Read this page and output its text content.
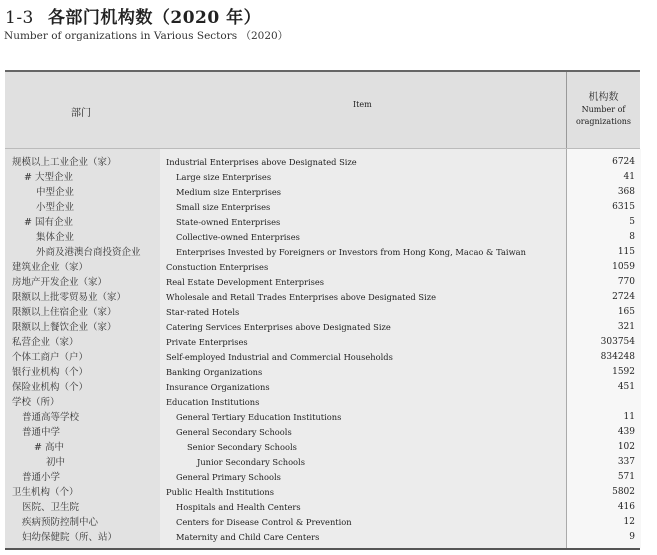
1-3 各部门机构数（2020 年）
Number of organizations in Various Sectors （2020）
部门
Item
机构数
Number of
oragnizations
规模以上工业企业（家）	Industrial Enterprises above Designated Size	6724
# 大型企业	Large size Enterprises	41
中型企业	Medium size Enterprises	368
小型企业	Small size Enterprises	6315
# 国有企业	State-owned Enterprises	5
集体企业	Collective-owned Enterprises	8
外商及港澳台商投资企业	Enterprises Invested by Foreigners or Investors from Hong Kong, Macao & Taiwan	115
建筑业企业（家）	Constuction Enterprises	1059
房地产开发企业（家）	Real Estate Development Enterprises	770
限额以上批零贸易业（家）	Wholesale and Retail Trades Enterprises above Designated Size	2724
限额以上住宿企业（家）	Star-rated Hotels	165
限额以上餐饮企业（家）	Catering Services Enterprises above Designated Size	321
私营企业（家）	Private Enterprises	303754
个体工商户（户）	Self-employed Industrial and Commercial Households	834248
银行业机构（个）	Banking Organizations	1592
保险业机构（个）	Insurance Organizations	451
学校（所）	Education Institutions
普通高等学校	General Tertiary Education Institutions	11
普通中学	General Secondary Schools	439
# 高中	Senior Secondary Schools	102
初中	Junior Secondary Schools	337
普通小学	General Primary Schools	571
卫生机构（个）	Public Health Institutions	5802
医院、卫生院	Hospitals and Health Centers	416
疾病预防控制中心	Centers for Disease Control & Prevention	12
妇幼保健院（所、站）	Maternity and Child Care Centers	9
